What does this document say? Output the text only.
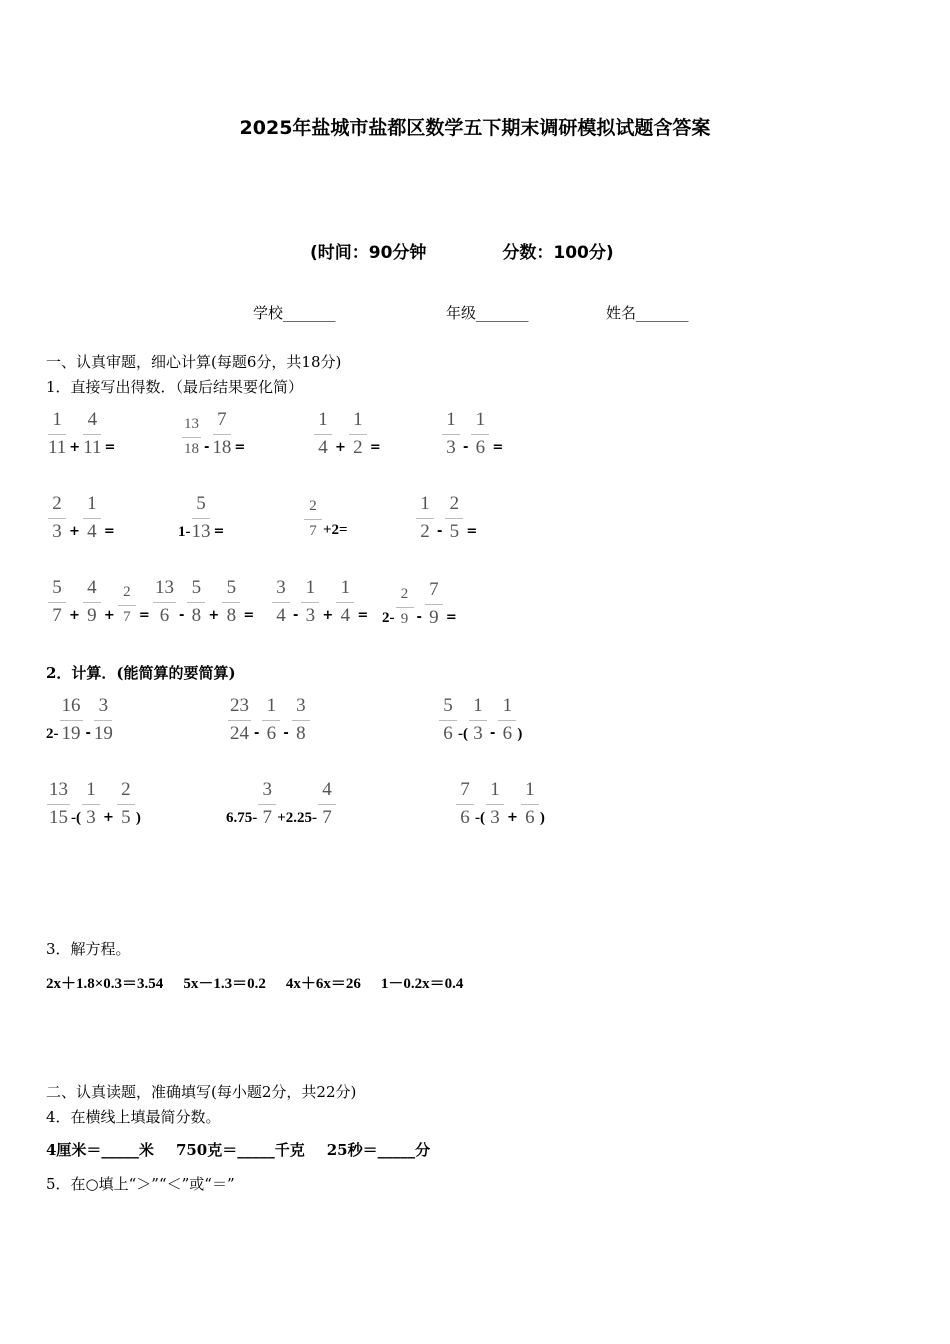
2025年盐城市盐都区数学五下期末调研模拟试题含答案
(时间：90分钟	分数：100分)
学校_______	年级_______	姓名_______
一、认真审题，细心计算(每题6分，共18分)
1．直接写出得数．（最后结果要化简）
$\frac{1}{11} + \frac{4}{11}$ =	$\frac{13}{18} - \frac{7}{18}$ =	$\frac{1}{4} + \frac{1}{2}$ =	$\frac{1}{3} - \frac{1}{6}$ =
$\frac{2}{3} + \frac{1}{4}$ =	$1- \frac{5}{13}$ =	$\frac{2}{7} +2=$	$\frac{1}{2} - \frac{2}{5}$ =
$\frac{5}{7} + \frac{4}{9} + \frac{2}{7} = \frac{13}{6} - \frac{5}{8} + \frac{5}{8} = \frac{3}{4} - \frac{1}{3} + \frac{1}{4} = 2- \frac{2}{9} - \frac{7}{9}$ =
2．计算．(能简算的要简算)
$2- \frac{16}{19} - \frac{3}{19}$	$\frac{23}{24} - \frac{1}{6} - \frac{3}{8}$	$\frac{5}{6}$ -( $\frac{1}{3} - \frac{1}{6}$ )
$\frac{13}{15}$ -( $\frac{1}{3} + \frac{2}{5}$ )	$6.75- \frac{3}{7} +2.25- \frac{4}{7}$	$\frac{7}{6}$ -( $\frac{1}{3} + \frac{1}{6}$ )
3．解方程。
2x＋1.8×0.3＝3.54 5x－1.3＝0.2 4x＋6x＝26 1－0.2x＝0.4
二、认真读题，准确填写(每小题2分，共22分)
4．在横线上填最简分数。
4厘米＝_____米 750克＝_____千克 25秒＝_____分
5．在○填上“＞”“＜”或“＝”
